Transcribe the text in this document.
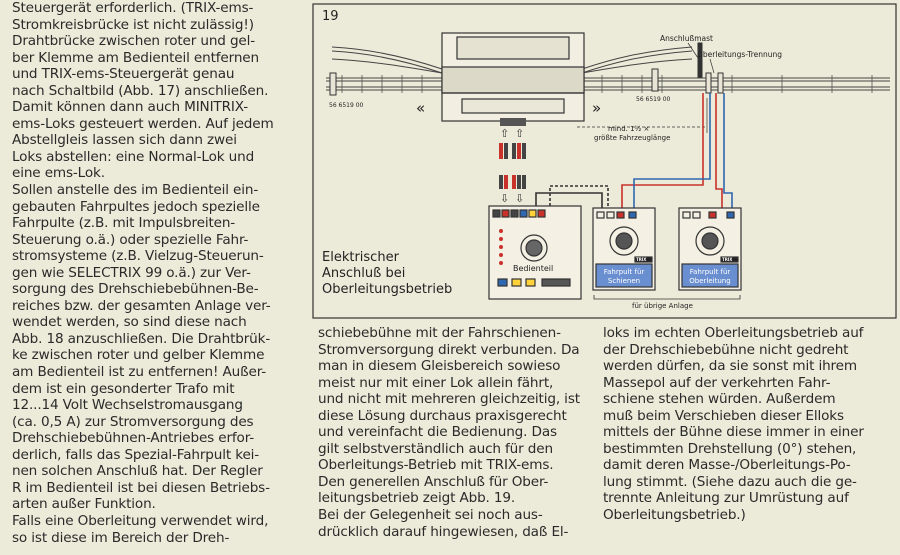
Steuergerät erforderlich. (TRIX-ems-
Stromkreisbrücke ist nicht zulässig!)
Drahtbrücke zwischen roter und gel-
ber Klemme am Bedienteil entfernen
und TRIX-ems-Steuergerät genau
nach Schaltbild (Abb. 17) anschließen.
Damit können dann auch MINITRIX-
ems-Loks gesteuert werden. Auf jedem
Abstellgleis lassen sich dann zwei
Loks abstellen: eine Normal-Lok und
eine ems-Lok.
Sollen anstelle des im Bedienteil ein-
gebauten Fahrpultes jedoch spezielle
Fahrpulte (z.B. mit Impulsbreiten-
Steuerung o.ä.) oder spezielle Fahr-
stromsysteme (z.B. Vielzug-Steuerun-
gen wie SELECTRIX 99 o.ä.) zur Ver-
sorgung des Drehschiebebühnen-Be-
reiches bzw. der gesamten Anlage ver-
wendet werden, so sind diese nach
Abb. 18 anzuschließen. Die Drahtbrük-
ke zwischen roter und gelber Klemme
am Bedienteil ist zu entfernen! Außer-
dem ist ein gesonderter Trafo mit
12...14 Volt Wechselstromausgang
(ca. 0,5 A) zur Stromversorgung des
Drehschiebebühnen-Antriebes erfor-
derlich, falls das Spezial-Fahrpult kei-
nen solchen Anschluß hat. Der Regler
R im Bedienteil ist bei diesen Betriebs-
arten außer Funktion.
Falls eine Oberleitung verwendet wird,
so ist diese im Bereich der Dreh-
19
«	»
56 6519 00
56 6519 00
Anschlußmast
Oberleitungs-Trennung
mind. 1½ ×
größte Fahrzeuglänge
⇧ ⇧
⇩ ⇩
Bedienteil
TRIX
Fahrpult für
Schienen
TRIX
Fahrpult für
Oberleitung
für übrige Anlage
Elektrischer
Anschluß bei
Oberleitungsbetrieb
schiebebühne mit der Fahrschienen-
Stromversorgung direkt verbunden. Da
man in diesem Gleisbereich sowieso
meist nur mit einer Lok allein fährt,
und nicht mit mehreren gleichzeitig, ist
diese Lösung durchaus praxisgerecht
und vereinfacht die Bedienung. Das
gilt selbstverständlich auch für den
Oberleitungs-Betrieb mit TRIX-ems.
Den generellen Anschluß für Ober-
leitungsbetrieb zeigt Abb. 19.
Bei der Gelegenheit sei noch aus-
drücklich darauf hingewiesen, daß El-
loks im echten Oberleitungsbetrieb auf
der Drehschiebebühne nicht gedreht
werden dürfen, da sie sonst mit ihrem
Massepol auf der verkehrten Fahr-
schiene stehen würden. Außerdem
muß beim Verschieben dieser Elloks
mittels der Bühne diese immer in einer
bestimmten Drehstellung (0°) stehen,
damit deren Masse-/Oberleitungs-Po-
lung stimmt. (Siehe dazu auch die ge-
trennte Anleitung zur Umrüstung auf
Oberleitungsbetrieb.)
